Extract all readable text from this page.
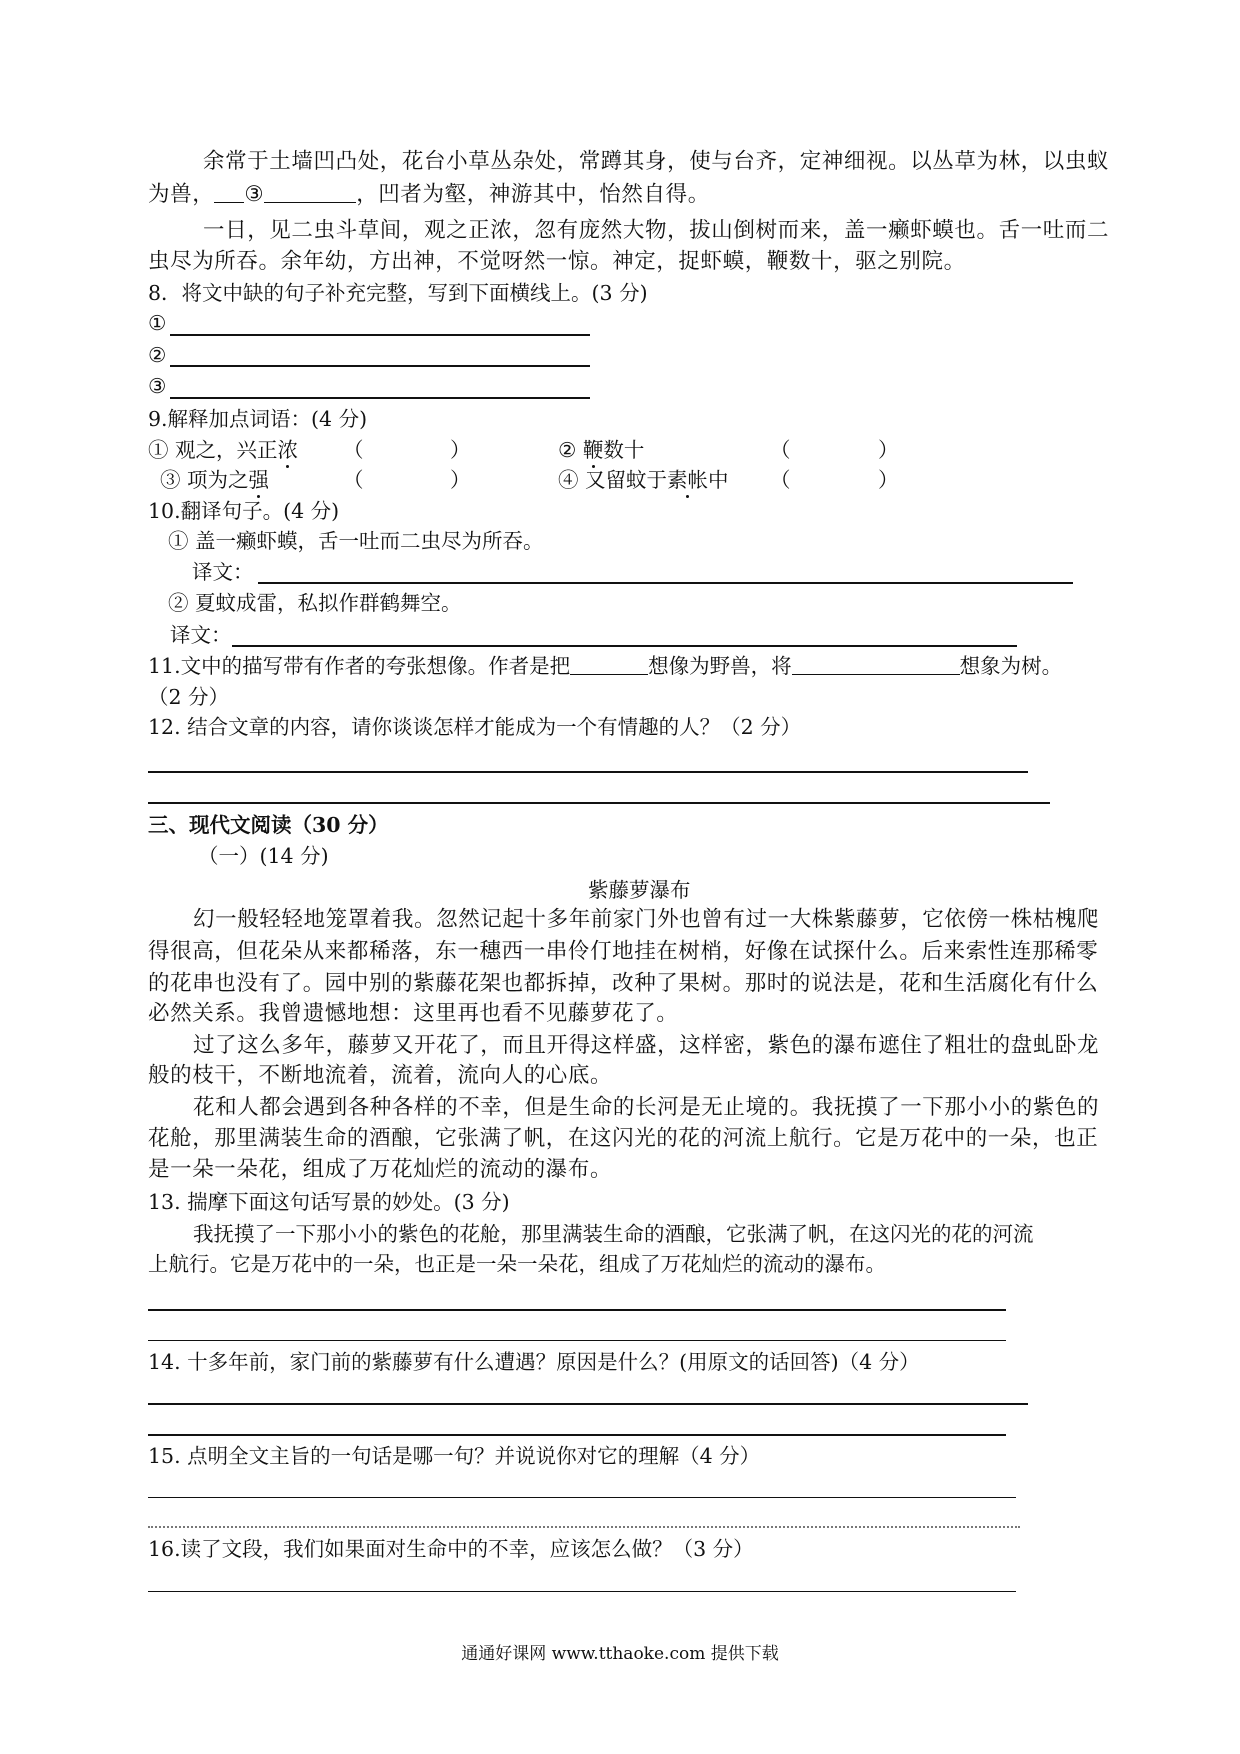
余常于土墙凹凸处，花台小草丛杂处，常蹲其身，使与台齐，定神细视。以丛草为林，以虫蚁
为兽， ③	，凹者为壑，神游其中，怡然自得。
一日，见二虫斗草间，观之正浓，忽有庞然大物，拔山倒树而来，盖一癞虾蟆也。舌一吐而二
虫尽为所吞。余年幼，方出神，不觉呀然一惊。神定，捉虾蟆，鞭数十，驱之别院。
8．将文中缺的句子补充完整，写到下面横线上。(3 分)
①
②
③
9.解释加点词语：(4 分)
① 观之，兴正浓 （	）	② 鞭数十	（	）
③ 项为之强	（	）	④ 又留蚊于素帐中 （	）
10.翻译句子。(4 分)
① 盖一癞虾蟆，舌一吐而二虫尽为所吞。
译文：
② 夏蚊成雷，私拟作群鹤舞空。
译文：
11.文中的描写带有作者的夸张想像。作者是把	想像为野兽，将	想象为树。
（2 分）
12. 结合文章的内容，请你谈谈怎样才能成为一个有情趣的人？（2 分）
三、现代文阅读（30 分）
（一）(14 分)
紫藤萝瀑布
幻一般轻轻地笼罩着我。忽然记起十多年前家门外也曾有过一大株紫藤萝，它依傍一株枯槐爬
得很高，但花朵从来都稀落，东一穗西一串伶仃地挂在树梢，好像在试探什么。后来索性连那稀零
的花串也没有了。园中别的紫藤花架也都拆掉，改种了果树。那时的说法是，花和生活腐化有什么
必然关系。我曾遗憾地想：这里再也看不见藤萝花了。
过了这么多年，藤萝又开花了，而且开得这样盛，这样密，紫色的瀑布遮住了粗壮的盘虬卧龙
般的枝干，不断地流着，流着，流向人的心底。
花和人都会遇到各种各样的不幸，但是生命的长河是无止境的。我抚摸了一下那小小的紫色的
花舱，那里满装生命的酒酿，它张满了帆，在这闪光的花的河流上航行。它是万花中的一朵，也正
是一朵一朵花，组成了万花灿烂的流动的瀑布。
13. 揣摩下面这句话写景的妙处。(3 分)
我抚摸了一下那小小的紫色的花舱，那里满装生命的酒酿，它张满了帆，在这闪光的花的河流
上航行。它是万花中的一朵，也正是一朵一朵花，组成了万花灿烂的流动的瀑布。
14. 十多年前，家门前的紫藤萝有什么遭遇？原因是什么？(用原文的话回答)（4 分）
15. 点明全文主旨的一句话是哪一句？并说说你对它的理解（4 分）
16.读了文段，我们如果面对生命中的不幸，应该怎么做？（3 分）
通通好课网 www.tthaoke.com 提供下载
